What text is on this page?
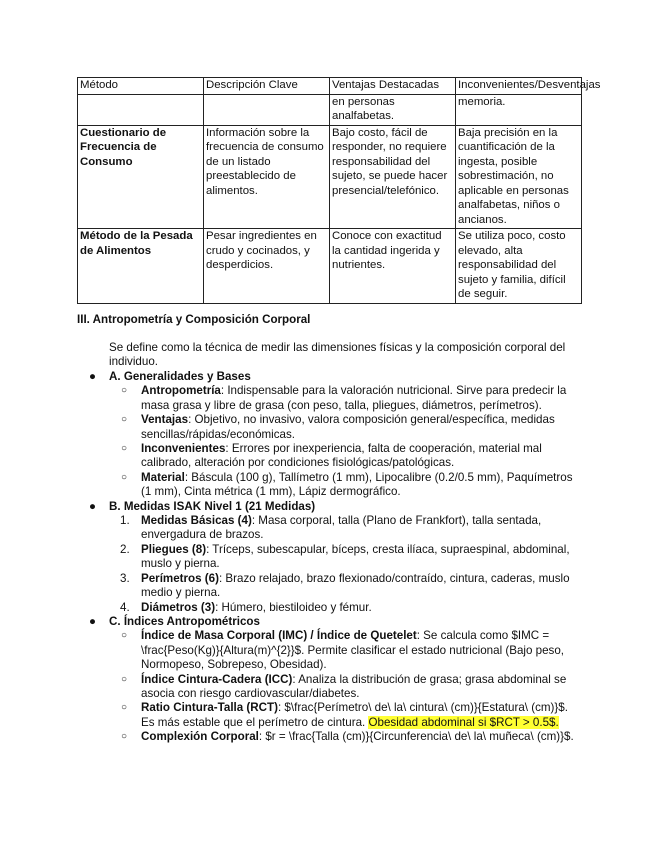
Método	Descripción Clave	Ventajas Destacadas	Inconvenientes/Desventajas
		en personas analfabetas.	memoria.
Cuestionario de Frecuencia de Consumo	Información sobre la frecuencia de consumo de un listado preestablecido de alimentos.	Bajo costo, fácil de responder, no requiere responsabilidad del sujeto, se puede hacer presencial/telefónico.	Baja precisión en la cuantificación de la ingesta, posible sobrestimación, no aplicable en personas analfabetas, niños o ancianos.
Método de la Pesada de Alimentos	Pesar ingredientes en crudo y cocinados, y desperdicios.	Conoce con exactitud la cantidad ingerida y nutrientes.	Se utiliza poco, costo elevado, alta responsabilidad del sujeto y familia, difícil de seguir.
III. Antropometría y Composición Corporal
Se define como la técnica de medir las dimensiones físicas y la composición corporal del individuo.
● A. Generalidades y Bases
○ Antropometría: Indispensable para la valoración nutricional. Sirve para predecir la masa grasa y libre de grasa (con peso, talla, pliegues, diámetros, perímetros).
○ Ventajas: Objetivo, no invasivo, valora composición general/específica, medidas sencillas/rápidas/económicas.
○ Inconvenientes: Errores por inexperiencia, falta de cooperación, material mal calibrado, alteración por condiciones fisiológicas/patológicas.
○ Material: Báscula (100 g), Tallímetro (1 mm), Lipocalibre (0.2/0.5 mm), Paquímetros (1 mm), Cinta métrica (1 mm), Lápiz dermográfico.
● B. Medidas ISAK Nivel 1 (21 Medidas)
1. Medidas Básicas (4): Masa corporal, talla (Plano de Frankfort), talla sentada, envergadura de brazos.
2. Pliegues (8): Tríceps, subescapular, bíceps, cresta ilíaca, supraespinal, abdominal, muslo y pierna.
3. Perímetros (6): Brazo relajado, brazo flexionado/contraído, cintura, caderas, muslo medio y pierna.
4. Diámetros (3): Húmero, biestiloideo y fémur.
● C. Índices Antropométricos
○ Índice de Masa Corporal (IMC) / Índice de Quetelet: Se calcula como $IMC = \frac{Peso(Kg)}{Altura(m)^{2}}$. Permite clasificar el estado nutricional (Bajo peso, Normopeso, Sobrepeso, Obesidad).
○ Índice Cintura-Cadera (ICC): Analiza la distribución de grasa; grasa abdominal se asocia con riesgo cardiovascular/diabetes.
○ Ratio Cintura-Talla (RCT): $\frac{Perímetro\ de\ la\ cintura\ (cm)}{Estatura\ (cm)}$. Es más estable que el perímetro de cintura. Obesidad abdominal si $RCT > 0.5$.
○ Complexión Corporal: $r = \frac{Talla (cm)}{Circunferencia\ de\ la\ muñeca\ (cm)}$.
